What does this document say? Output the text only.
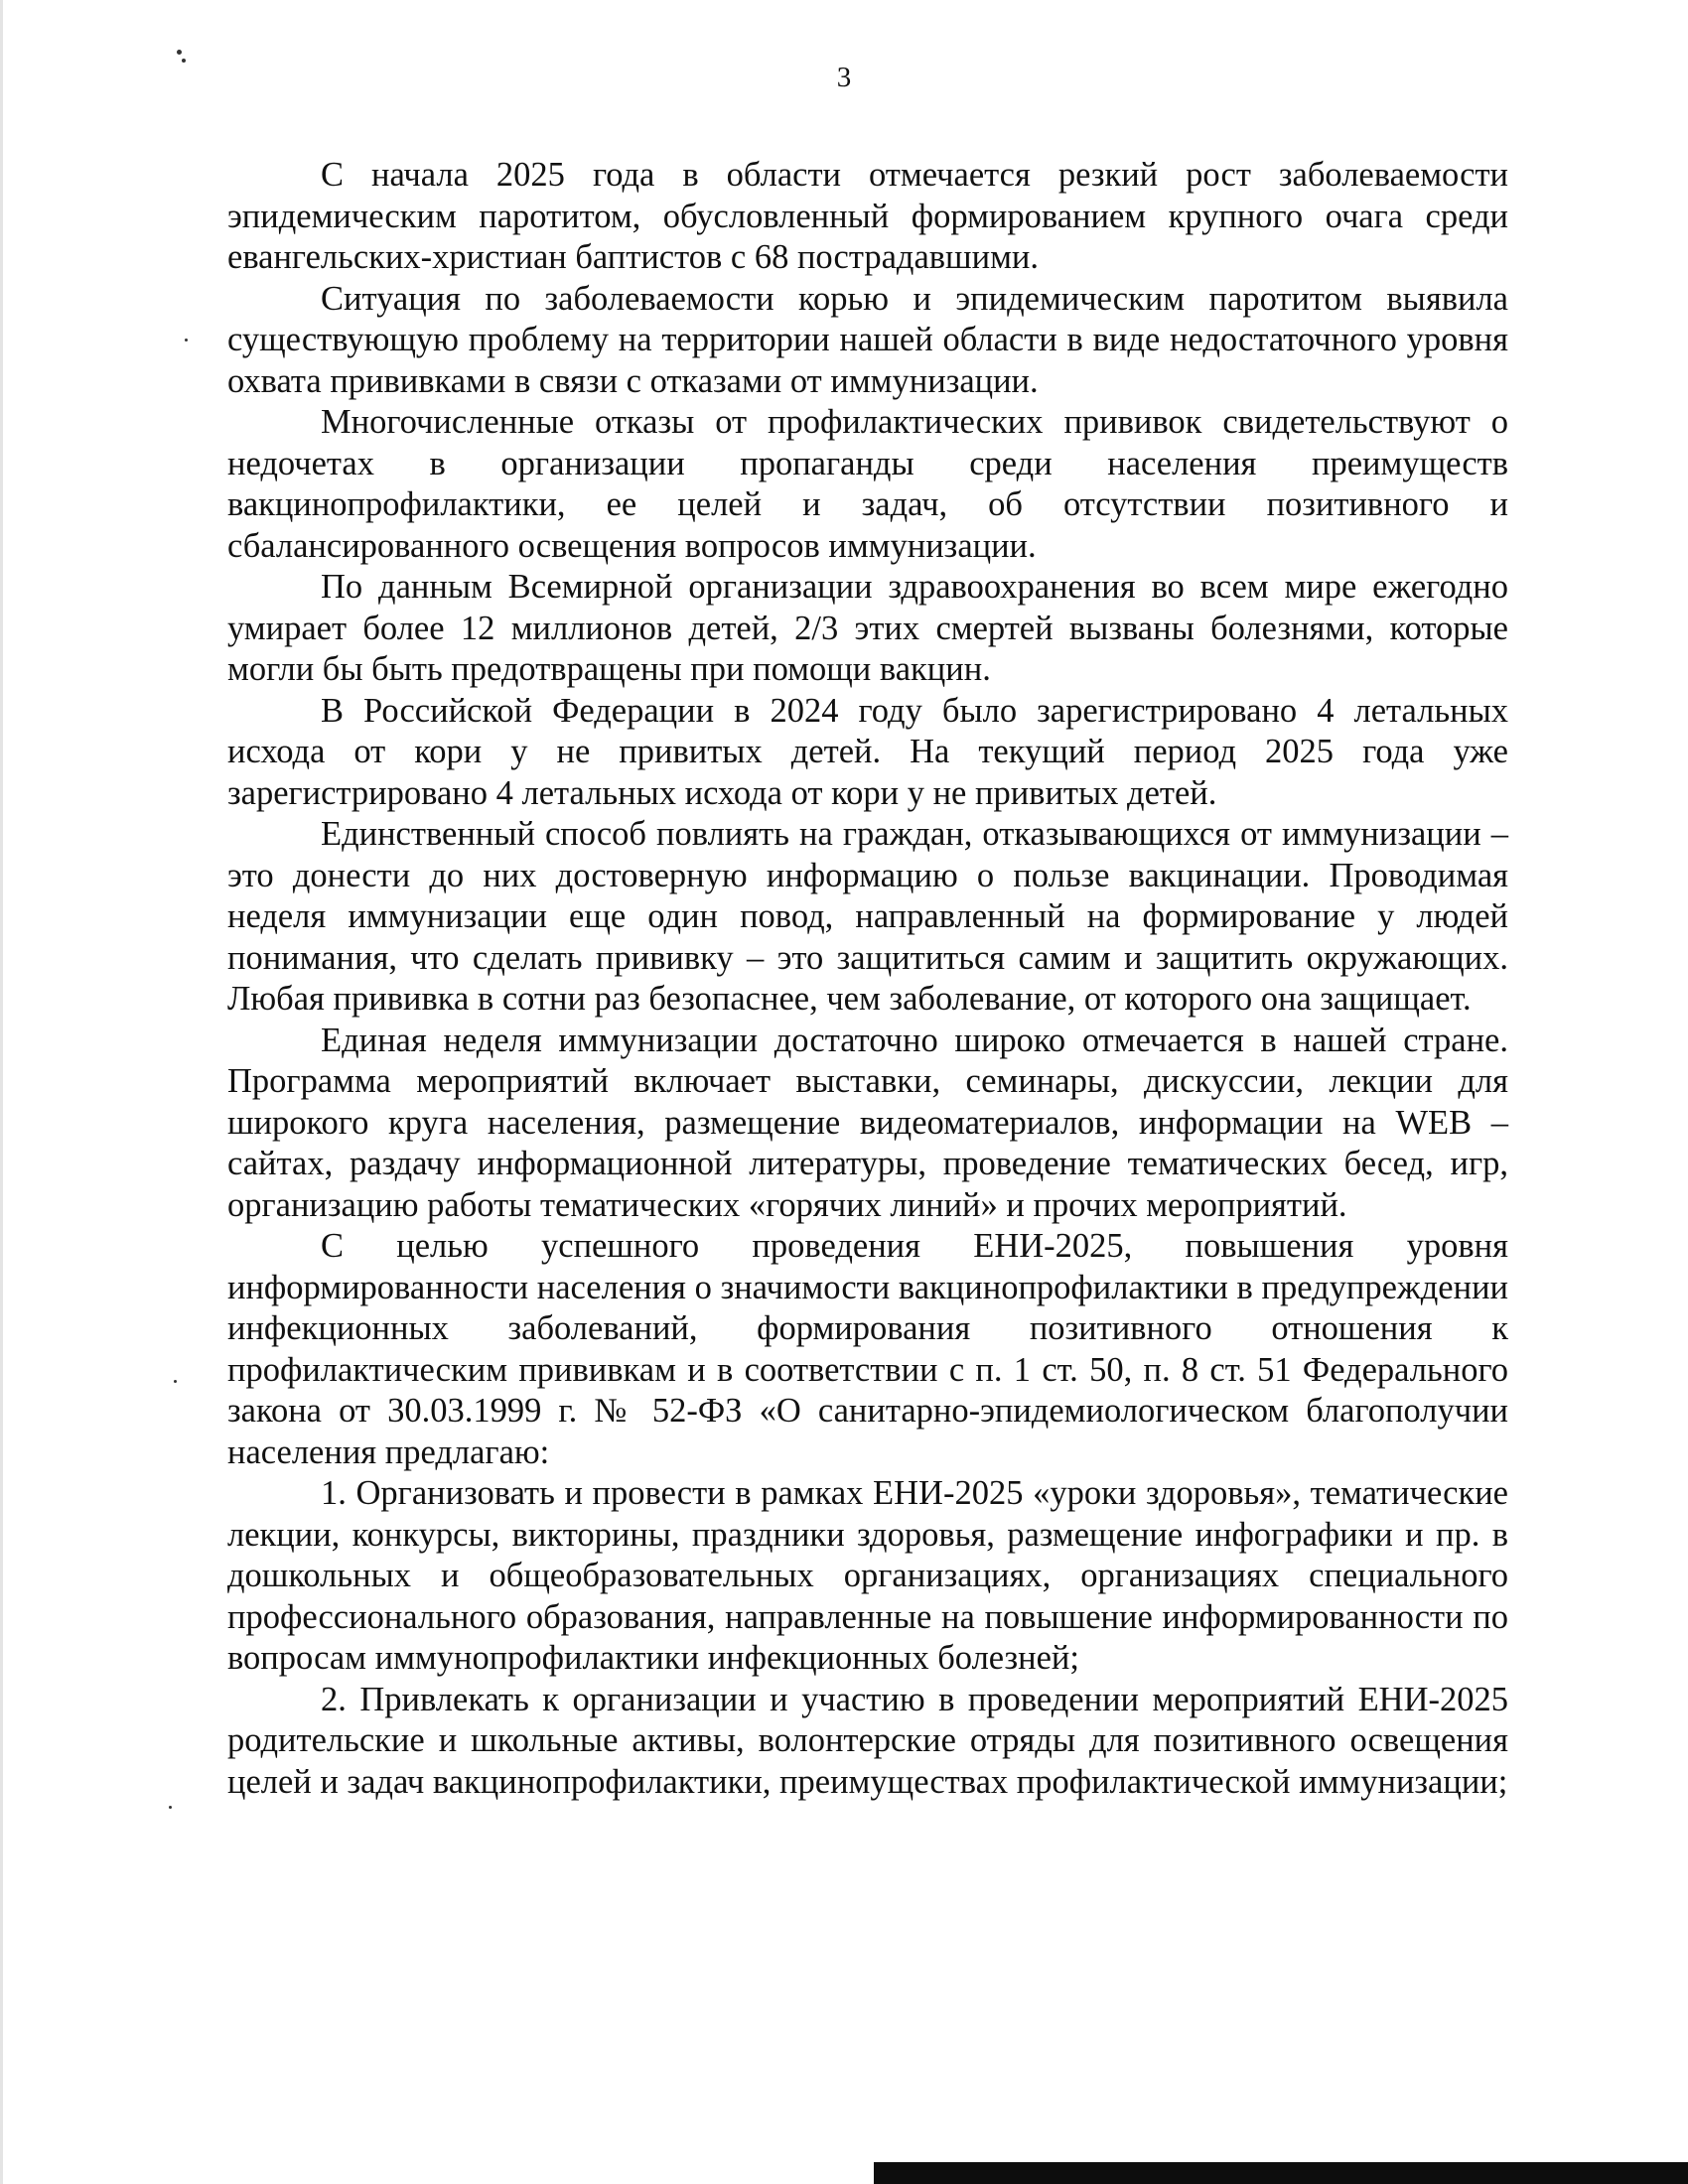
3

С начала 2025 года в области отмечается резкий рост заболеваемости эпидемическим паротитом, обусловленный формированием крупного очага среди евангельских-христиан баптистов с 68 пострадавшими.

Ситуация по заболеваемости корью и эпидемическим паротитом выявила существующую проблему на территории нашей области в виде недостаточного уровня охвата прививками в связи с отказами от иммунизации.

Многочисленные отказы от профилактических прививок свидетельствуют о недочетах в организации пропаганды среди населения преимуществ вакцинопрофилактики, ее целей и задач, об отсутствии позитивного и сбалансированного освещения вопросов иммунизации.

По данным Всемирной организации здравоохранения во всем мире ежегодно умирает более 12 миллионов детей, 2/3 этих смертей вызваны болезнями, которые могли бы быть предотвращены при помощи вакцин.

В Российской Федерации в 2024 году было зарегистрировано 4 летальных исхода от кори у не привитых детей. На текущий период 2025 года уже зарегистрировано 4 летальных исхода от кори у не привитых детей.

Единственный способ повлиять на граждан, отказывающихся от иммунизации – это донести до них достоверную информацию о пользе вакцинации. Проводимая неделя иммунизации еще один повод, направленный на формирование у людей понимания, что сделать прививку – это защититься самим и защитить окружающих. Любая прививка в сотни раз безопаснее, чем заболевание, от которого она защищает.

Единая неделя иммунизации достаточно широко отмечается в нашей стране. Программа мероприятий включает выставки, семинары, дискуссии, лекции для широкого круга населения, размещение видеоматериалов, информации на WEB – сайтах, раздачу информационной литературы, проведение тематических бесед, игр, организацию работы тематических «горячих линий» и прочих мероприятий.

С целью успешного проведения ЕНИ-2025, повышения уровня информированности населения о значимости вакцинопрофилактики в предупреждении инфекционных заболеваний, формирования позитивного отношения к профилактическим прививкам и в соответствии с п. 1 ст. 50, п. 8 ст. 51 Федерального закона от 30.03.1999 г. № 52-ФЗ «О санитарно-эпидемиологическом благополучии населения предлагаю:

1. Организовать и провести в рамках ЕНИ-2025 «уроки здоровья», тематические лекции, конкурсы, викторины, праздники здоровья, размещение инфографики и пр. в дошкольных и общеобразовательных организациях, организациях специального профессионального образования, направленные на повышение информированности по вопросам иммунопрофилактики инфекционных болезней;

2. Привлекать к организации и участию в проведении мероприятий ЕНИ-2025 родительские и школьные активы, волонтерские отряды для позитивного освещения целей и задач вакцинопрофилактики, преимуществах профилактической иммунизации;
